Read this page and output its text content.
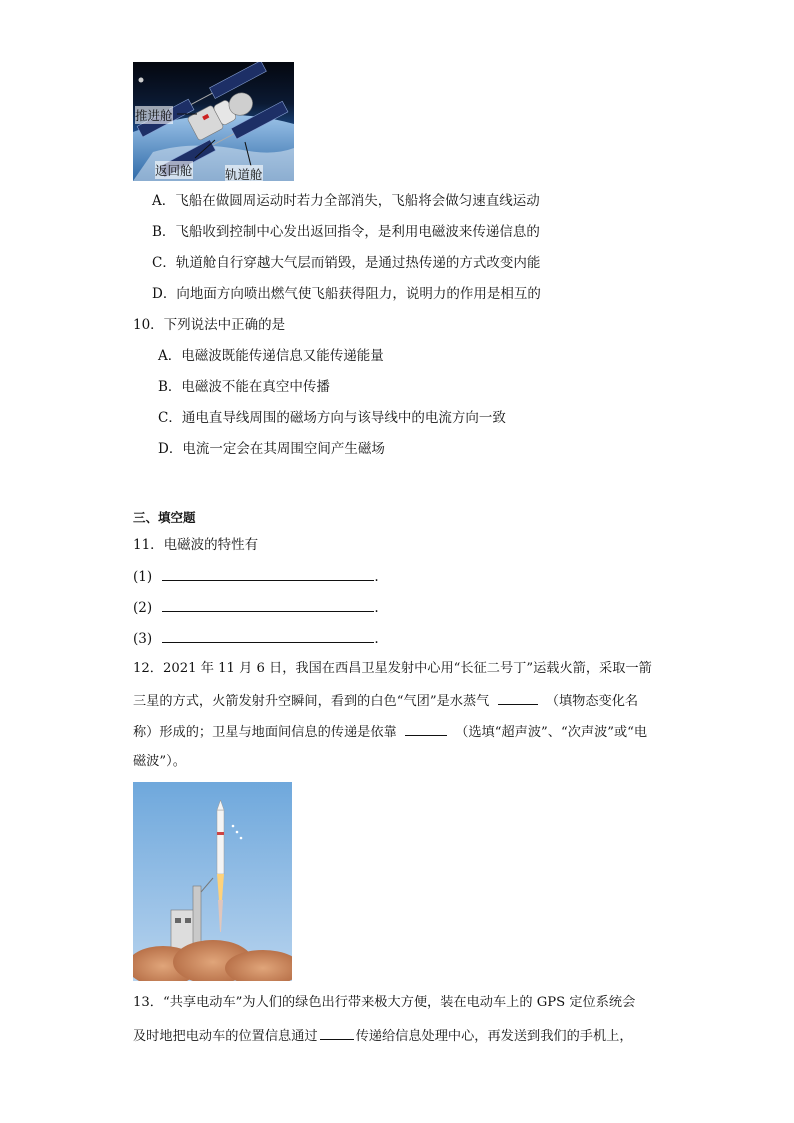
推进舱
返回舱	轨道舱
A．飞船在做圆周运动时若力全部消失，飞船将会做匀速直线运动
B．飞船收到控制中心发出返回指令，是利用电磁波来传递信息的
C．轨道舱自行穿越大气层而销毁，是通过热传递的方式改变内能
D．向地面方向喷出燃气使飞船获得阻力，说明力的作用是相互的
10．下列说法中正确的是
A．电磁波既能传递信息又能传递能量
B．电磁波不能在真空中传播
C．通电直导线周围的磁场方向与该导线中的电流方向一致
D．电流一定会在其周围空间产生磁场
三、填空题
11．电磁波的特性有
(1)	.
(2)	.
(3)	.
12．2021 年 11 月 6 日，我国在西昌卫星发射中心用“长征二号丁”运载火箭，采取一箭
三星的方式，火箭发射升空瞬间，看到的白色“气团”是水蒸气	（填物态变化名
称）形成的；卫星与地面间信息的传递是依靠	（选填“超声波”、“次声波”或“电
磁波”）。
13．“共享电动车”为人们的绿色出行带来极大方便，装在电动车上的 GPS 定位系统会
及时地把电动车的位置信息通过	传递给信息处理中心，再发送到我们的手机上，
